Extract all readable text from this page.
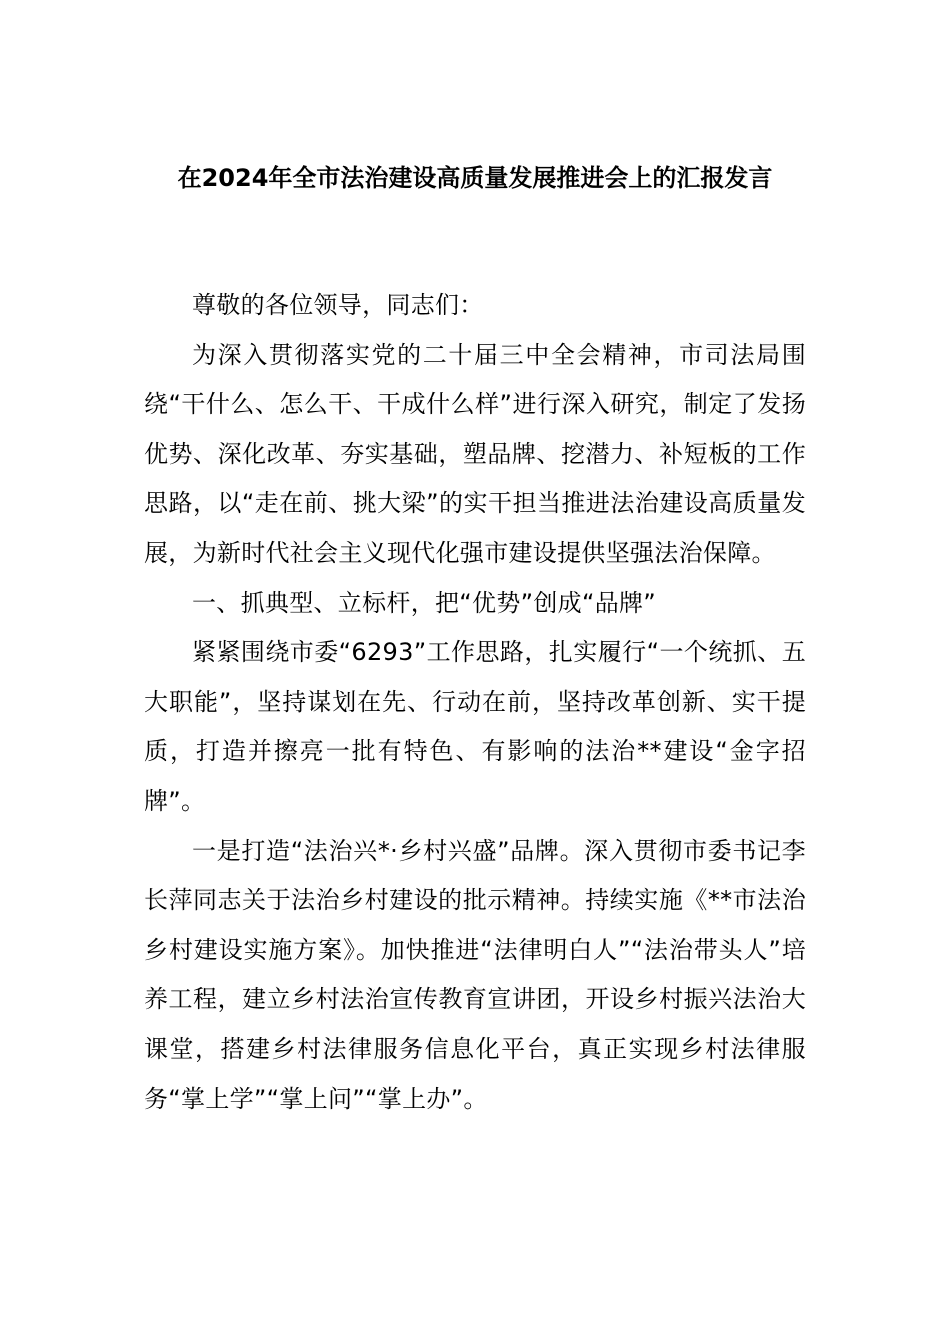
在2024年全市法治建设高质量发展推进会上的汇报发言

尊敬的各位领导，同志们：

为深入贯彻落实党的二十届三中全会精神，市司法局围绕“干什么、怎么干、干成什么样”进行深入研究，制定了发扬优势、深化改革、夯实基础，塑品牌、挖潜力、补短板的工作思路，以“走在前、挑大梁”的实干担当推进法治建设高质量发展，为新时代社会主义现代化强市建设提供坚强法治保障。

一、抓典型、立标杆，把“优势”创成“品牌”

紧紧围绕市委“6293”工作思路，扎实履行“一个统抓、五大职能”，坚持谋划在先、行动在前，坚持改革创新、实干提质，打造并擦亮一批有特色、有影响的法治**建设“金字招牌”。

一是打造“法治兴*·乡村兴盛”品牌。深入贯彻市委书记李长萍同志关于法治乡村建设的批示精神。持续实施《**市法治乡村建设实施方案》。加快推进“法律明白人”“法治带头人”培养工程，建立乡村法治宣传教育宣讲团，开设乡村振兴法治大课堂，搭建乡村法律服务信息化平台，真正实现乡村法律服务“掌上学”“掌上问”“掌上办”。
